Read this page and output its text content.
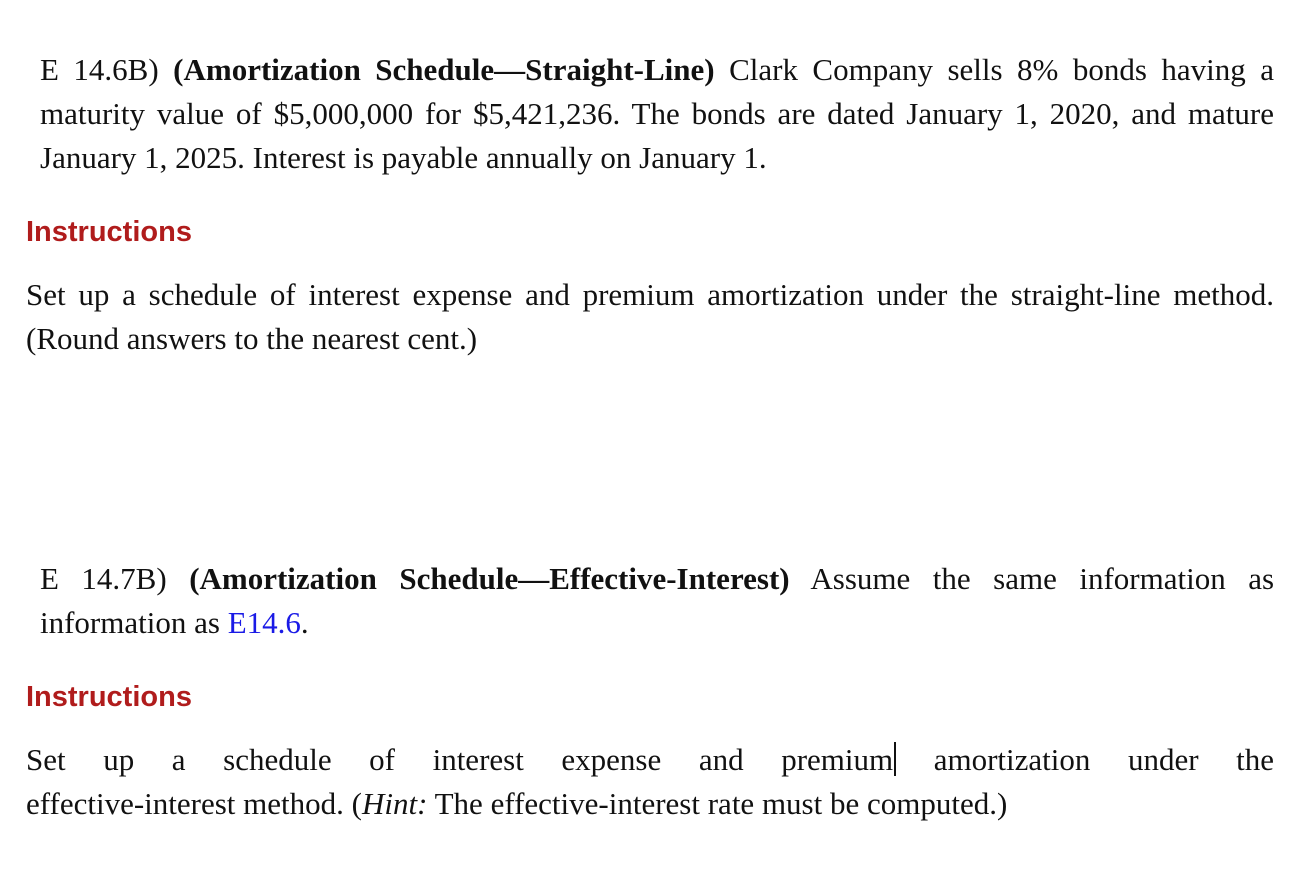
E 14.6B) (Amortization Schedule—Straight-Line) Clark Company sells 8% bonds having a maturity value of $5,000,000 for $5,421,236. The bonds are dated January 1, 2020, and mature January 1, 2025. Interest is payable annually on January 1.

Instructions

Set up a schedule of interest expense and premium amortization under the straight-line method. (Round answers to the nearest cent.)

E 14.7B) (Amortization Schedule—Effective-Interest) Assume the same information as

information as E14.6.

Instructions

Set up a schedule of interest expense and premium amortization under the

effective-interest method. (Hint: The effective-interest rate must be computed.)
